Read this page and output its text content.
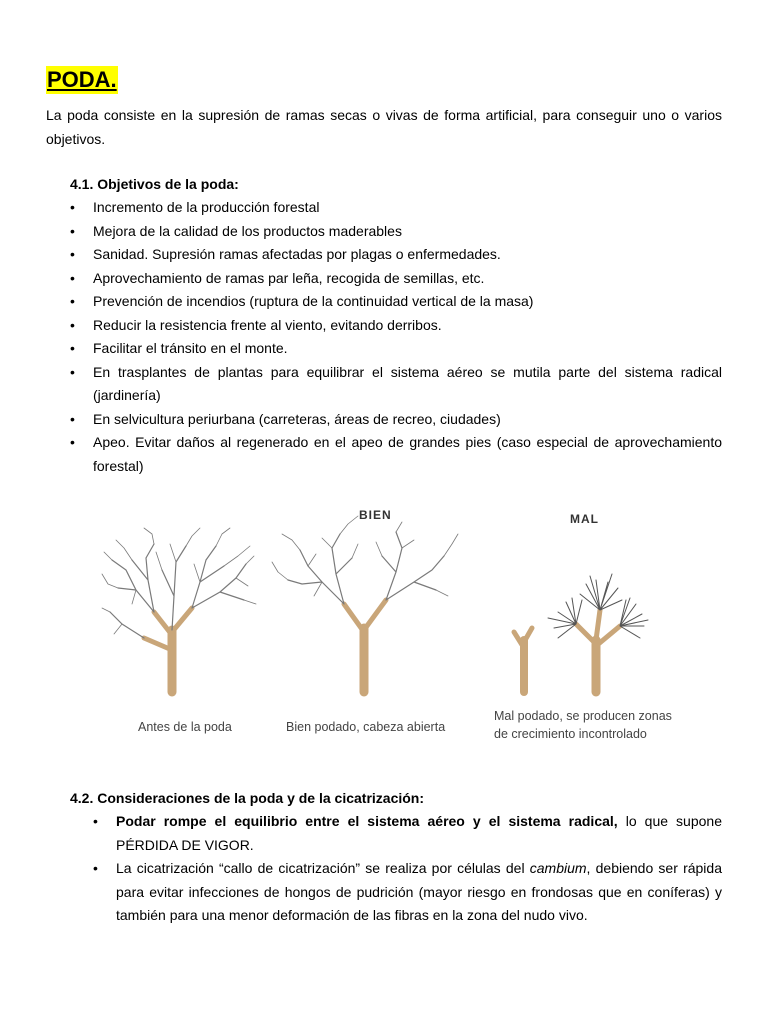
PODA.

La poda consiste en la supresión de ramas secas o vivas de forma artificial, para conseguir uno o varios objetivos.

4.1. Objetivos de la poda:

• Incremento de la producción forestal
• Mejora de la calidad de los productos maderables
• Sanidad. Supresión ramas afectadas por plagas o enfermedades.
• Aprovechamiento de ramas par leña, recogida de semillas, etc.
• Prevención de incendios (ruptura de la continuidad vertical de la masa)
• Reducir la resistencia frente al viento, evitando derribos.
• Facilitar el tránsito en el monte.
• En trasplantes de plantas para equilibrar el sistema aéreo se mutila parte del sistema radical (jardinería)
• En selvicultura periurbana (carreteras, áreas de recreo, ciudades)
• Apeo. Evitar daños al regenerado en el apeo de grandes pies (caso especial de aprovechamiento forestal)
BIEN	MAL
Antes de la poda	Bien podado, cabeza abierta
Mal podado, se producen zonas
de crecimiento incontrolado

4.2. Consideraciones de la poda y de la cicatrización:

• Podar rompe el equilibrio entre el sistema aéreo y el sistema radical, lo que supone PÉRDIDA DE VIGOR.
• La cicatrización “callo de cicatrización” se realiza por células del cambium, debiendo ser rápida para evitar infecciones de hongos de pudrición (mayor riesgo en frondosas que en coníferas) y también para una menor deformación de las fibras en la zona del nudo vivo.
